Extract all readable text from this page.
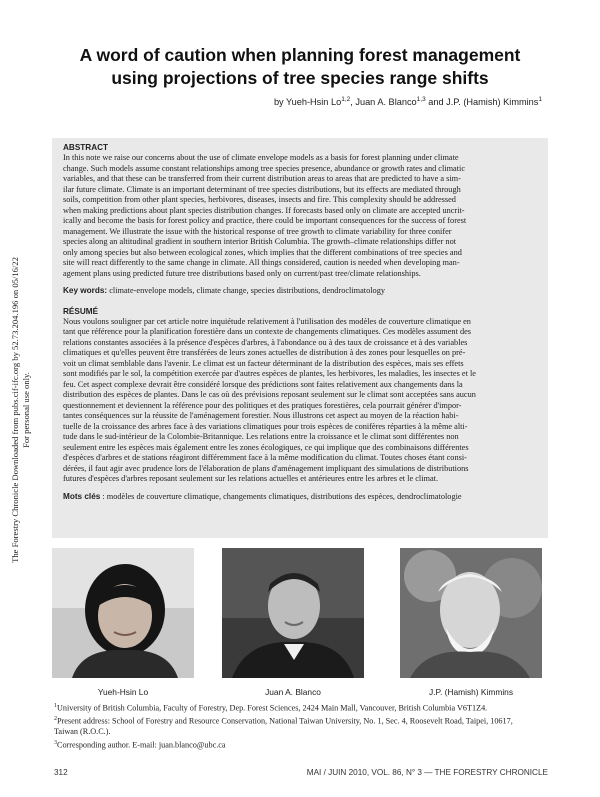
The Forestry Chronicle Downloaded from pubs.cif-ifc.org by 52.73.204.196 on 05/16/22 For personal use only.
A word of caution when planning forest management
using projections of tree species range shifts
by Yueh-Hsin Lo$^{1,2}$, Juan A. Blanco$^{1,3}$ and J.P. (Hamish) Kimmins$^1$

ABSTRACT

In this note we raise our concerns about the use of climate envelope models as a basis for forest planning under climate
change. Such models assume constant relationships among tree species presence, abundance or growth rates and climatic
variables, and that these can be transferred from their current distribution areas to areas that are predicted to have a sim-
ilar future climate. Climate is an important determinant of tree species distributions, but its effects are mediated through
soils, competition from other plant species, herbivores, diseases, insects and fire. This complexity should be addressed
when making predictions about plant species distribution changes. If forecasts based only on climate are accepted uncrit-
ically and become the basis for forest policy and practice, there could be important consequences for the success of forest
management. We illustrate the issue with the historical response of tree growth to climate variability for three conifer
species along an altitudinal gradient in southern interior British Columbia. The growth–climate relationships differ not
only among species but also between ecological zones, which implies that the different combinations of tree species and
site will react differently to the same change in climate. All things considered, caution is needed when developing man-
agement plans using predicted future tree distributions based only on current/past tree/climate relationships.

Key words: climate-envelope models, climate change, species distributions, dendroclimatology

RÉSUMÉ

Nous voulons souligner par cet article notre inquiétude relativement à l'utilisation des modèles de couverture climatique en
tant que référence pour la planification forestière dans un contexte de changements climatiques. Ces modèles assument des
relations constantes associées à la présence d'espèces d'arbres, à l'abondance ou à des taux de croissance et à des variables
climatiques et qu'elles peuvent être transférées de leurs zones actuelles de distribution à des zones pour lesquelles on pré-
voit un climat semblable dans l'avenir. Le climat est un facteur déterminant de la distribution des espèces, mais ses effets
sont modifiés par le sol, la compétition exercée par d'autres espèces de plantes, les herbivores, les maladies, les insectes et le
feu. Cet aspect complexe devrait être considéré lorsque des prédictions sont faites relativement aux changements dans la
distribution des espèces de plantes. Dans le cas où des prévisions reposant seulement sur le climat sont acceptées sans aucun
questionnement et deviennent la référence pour des politiques et des pratiques forestières, cela pourrait générer d'impor-
tantes conséquences sur la réussite de l'aménagement forestier. Nous illustrons cet aspect au moyen de la réaction habi-
tuelle de la croissance des arbres face à des variations climatiques pour trois espèces de conifères réparties à la même alti-
tude dans le sud-intérieur de la Colombie-Britannique. Les relations entre la croissance et le climat sont différentes non
seulement entre les espèces mais également entre les zones écologiques, ce qui implique que des combinaisons différentes
d'espèces d'arbres et de stations réagiront différemment face à la même modification du climat. Toutes choses étant consi-
dérées, il faut agir avec prudence lors de l'élaboration de plans d'aménagement impliquant des simulations de distributions
futures d'espèces d'arbres reposant seulement sur les relations actuelles et antérieures entre les arbres et le climat.

Mots clés : modèles de couverture climatique, changements climatiques, distributions des espèces, dendroclimatologie

Yueh-Hsin Lo	Juan A. Blanco	J.P. (Hamish) Kimmins
$^1$University of British Columbia, Faculty of Forestry, Dep. Forest Sciences, 2424 Main Mall, Vancouver, British Columbia V6T1Z4.
$^2$Present address: School of Forestry and Resource Conservation, National Taiwan University, No. 1, Sec. 4, Roosevelt Road, Taipei, 10617,
Taiwan (R.O.C.).
$^3$Corresponding author. E-mail: juan.blanco@ubc.ca
312	MAI / JUIN 2010, VOL. 86, N° 3 — THE FORESTRY CHRONICLE
